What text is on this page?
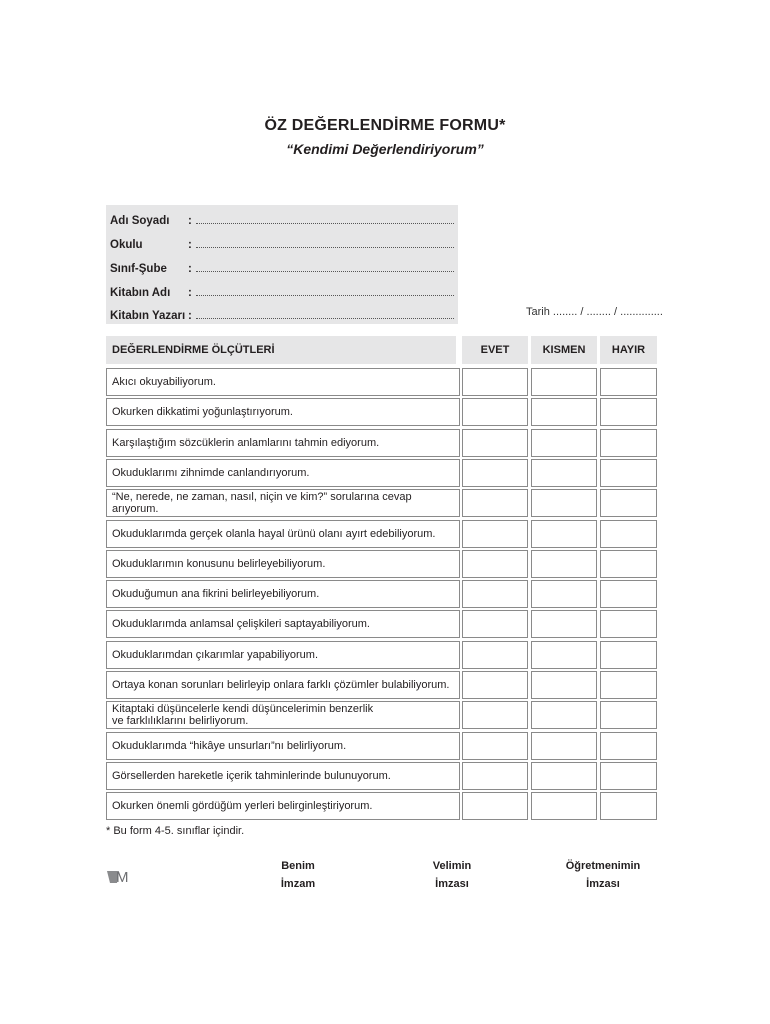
ÖZ DEĞERLENDİRME FORMU*
“Kendimi Değerlendiriyorum”
Adı Soyadı	:
Okulu	:
Sınıf-Şube	:
Kitabın Adı	:
Kitabın Yazarı :	Tarih ........ / ........ / ..............
DEĞERLENDİRME ÖLÇÜTLERİ	EVET	KISMEN	HAYIR
Akıcı okuyabiliyorum.
Okurken dikkatimi yoğunlaştırıyorum.
Karşılaştığım sözcüklerin anlamlarını tahmin ediyorum.
Okuduklarımı zihnimde canlandırıyorum.
“Ne, nerede, ne zaman, nasıl, niçin ve kim?” sorularına cevap arıyorum.
Okuduklarımda gerçek olanla hayal ürünü olanı ayırt edebiliyorum.
Okuduklarımın konusunu belirleyebiliyorum.
Okuduğumun ana fikrini belirleyebiliyorum.
Okuduklarımda anlamsal çelişkileri saptayabiliyorum.
Okuduklarımdan çıkarımlar yapabiliyorum.
Ortaya konan sorunları belirleyip onlara farklı çözümler bulabiliyorum.
Kitaptaki düşüncelerle kendi düşüncelerimin benzerlik
ve farklılıklarını belirliyorum.
Okuduklarımda “hikâye unsurları”nı belirliyorum.
Görsellerden hareketle içerik tahminlerinde bulunuyorum.
Okurken önemli gördüğüm yerleri belirginleştiriyorum.
* Bu form 4-5. sınıflar içindir.
M
Benim
İmzam
Velimin
İmzası
Öğretmenimin
İmzası
